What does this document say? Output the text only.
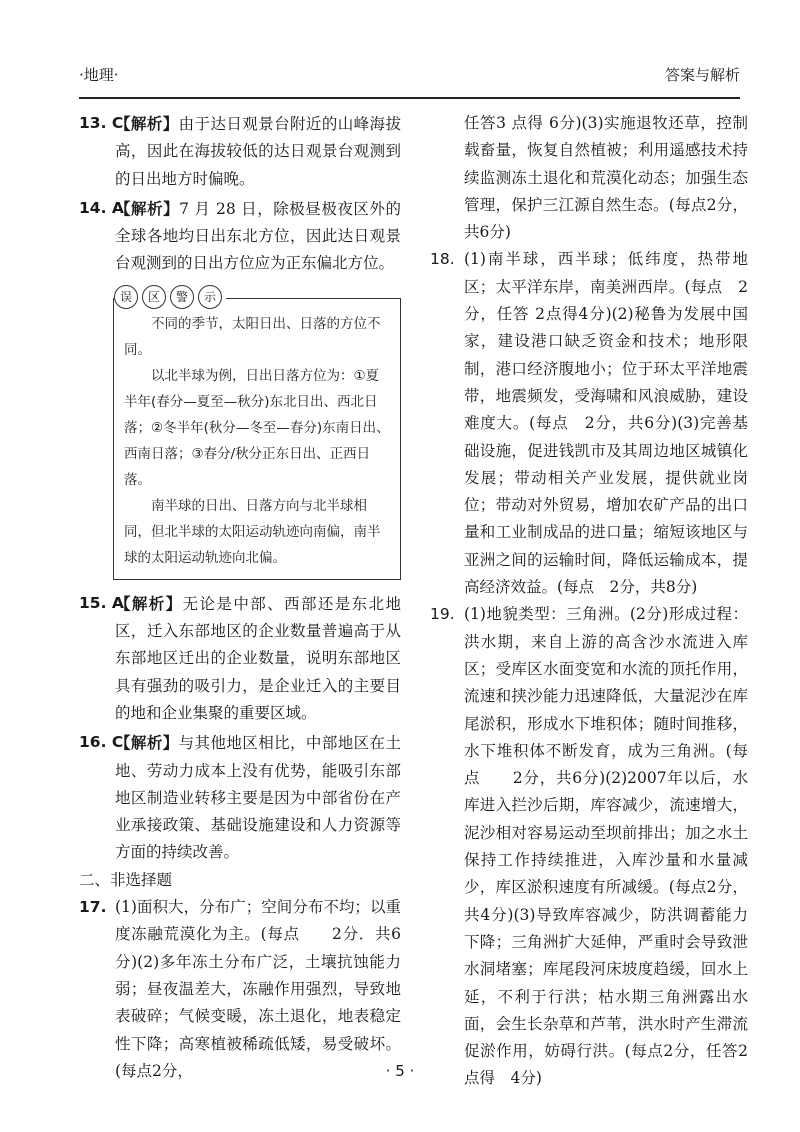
·地理·	答案与解析
13. C
【解析】由于达日观景台附近的山峰海拔高，因此在海拔较低的达日观景台观测到的日出地方时偏晚。
14. A
【解析】7 月 28 日，除极昼极夜区外的全球各地均日出东北方位，因此达日观景台观测到的日出方位应为正东偏北方位。
误	区	警	示

不同的季节，太阳日出、日落的方位不同。

以北半球为例，日出日落方位为：①夏半年(春分—夏至—秋分)东北日出、西北日落；②冬半年(秋分—冬至—春分)东南日出、西南日落；③春分/秋分正东日出、正西日落。

南半球的日出、日落方向与北半球相同，但北半球的太阳运动轨迹向南偏，南半球的太阳运动轨迹向北偏。

15. A
【解析】无论是中部、西部还是东北地区，迁入东部地区的企业数量普遍高于从东部地区迁出的企业数量，说明东部地区具有强劲的吸引力，是企业迁入的主要目的地和企业集聚的重要区域。
16. C
【解析】与其他地区相比，中部地区在土地、劳动力成本上没有优势，能吸引东部地区制造业转移主要是因为中部省份在产业承接政策、基础设施建设和人力资源等方面的持续改善。
二、非选择题
17. (1)面积大，分布广；空间分布不均；以重度冻融荒漠化为主。(每点　　2分．共6　分)(2)多年冻土分布广泛，土壤抗蚀能力弱；昼夜温差大，冻融作用强烈，导致地表破碎；气候变暖，冻土退化，地表稳定性下降；高寒植被稀疏低矮，易受破坏。(每点2分，
任答3 点得 6分)(3)实施退牧还草，控制载畜量，恢复自然植被；利用遥感技术持续监测冻土退化和荒漠化动态；加强生态管理，保护三江源自然生态。(每点2分，共6分)
18. (1)南半球，西半球；低纬度，热带地区；太平洋东岸，南美洲西岸。(每点　2分，任答 2点得4分)(2)秘鲁为发展中国家，建设港口缺乏资金和技术；地形限制，港口经济腹地小；位于环太平洋地震带，地震频发，受海啸和风浪威胁，建设难度大。(每点　2分，共6分)(3)完善基础设施，促进钱凯市及其周边地区城镇化发展；带动相关产业发展，提供就业岗位；带动对外贸易，增加农矿产品的出口量和工业制成品的进口量；缩短该地区与亚洲之间的运输时间，降低运输成本，提高经济效益。(每点　2分，共8分)
19. (1)地貌类型：三角洲。(2分)形成过程：洪水期，来自上游的高含沙水流进入库区；受库区水面变宽和水流的顶托作用，流速和挟沙能力迅速降低，大量泥沙在库尾淤积，形成水下堆积体；随时间推移，水下堆积体不断发育，成为三角洲。(每点　　2分，共6分)(2)2007年以后，水库进入拦沙后期，库容减少，流速增大，泥沙相对容易运动至坝前排出；加之水土保持工作持续推进，入库沙量和水量减少，库区淤积速度有所减缓。(每点2分，共4分)(3)导致库容减少，防洪调蓄能力下降；三角洲扩大延伸，严重时会导致泄水洞堵塞；库尾段河床坡度趋缓，回水上延，不利于行洪；枯水期三角洲露出水面，会生长杂草和芦苇，洪水时产生滞流促淤作用，妨碍行洪。(每点2分，任答2点得　4分)
· 5 ·
